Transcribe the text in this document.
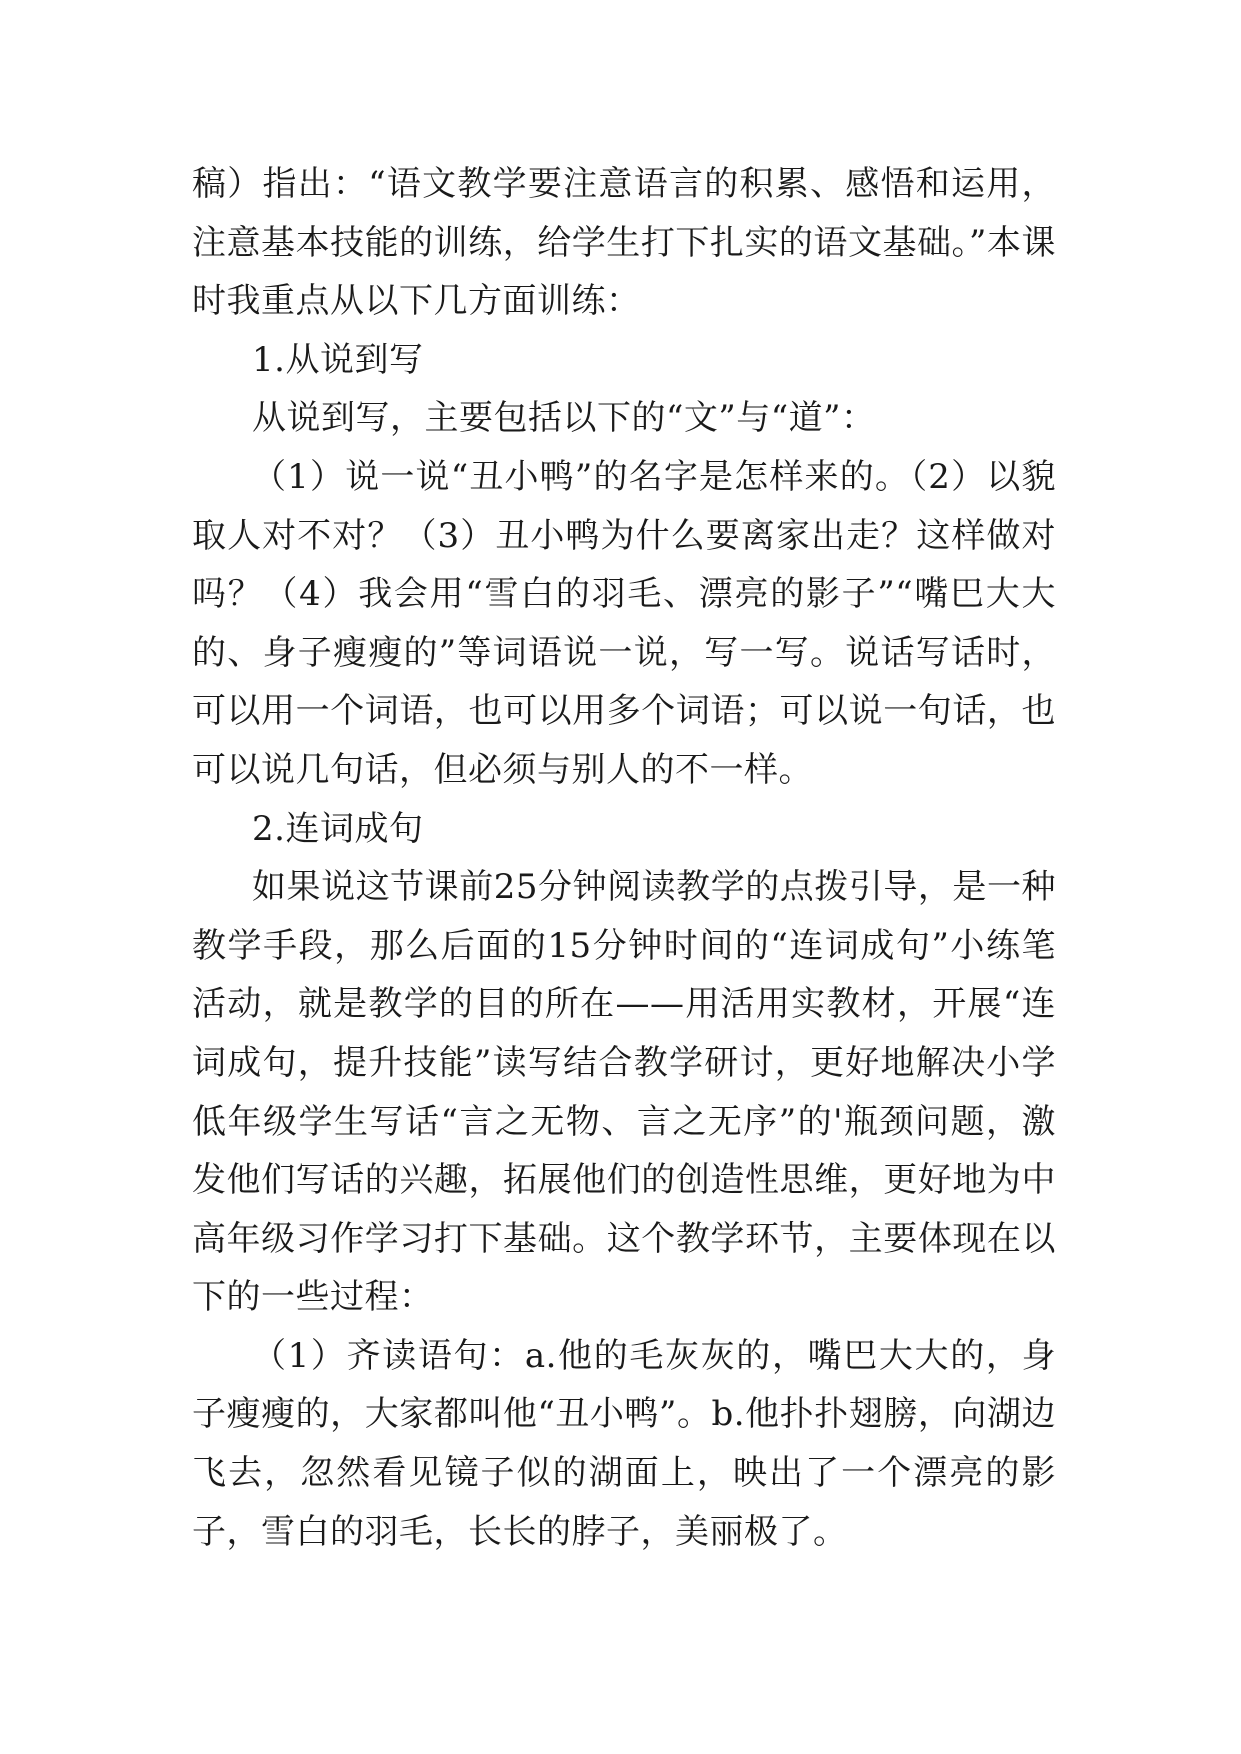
稿）指出：“语文教学要注意语言的积累、感悟和运用，注意基本技能的训练，给学生打下扎实的语文基础。”本课时我重点从以下几方面训练：

1.从说到写

从说到写，主要包括以下的“文”与“道”：

（1）说一说“丑小鸭”的名字是怎样来的。（2）以貌取人对不对？（3）丑小鸭为什么要离家出走？这样做对吗？（4）我会用“雪白的羽毛、漂亮的影子”“嘴巴大大的、身子瘦瘦的”等词语说一说，写一写。说话写话时，可以用一个词语，也可以用多个词语；可以说一句话，也可以说几句话，但必须与别人的不一样。

2.连词成句

如果说这节课前25分钟阅读教学的点拨引导，是一种教学手段，那么后面的15分钟时间的“连词成句”小练笔活动，就是教学的目的所在——用活用实教材，开展“连词成句，提升技能”读写结合教学研讨，更好地解决小学低年级学生写话“言之无物、言之无序”的'瓶颈问题，激发他们写话的兴趣，拓展他们的创造性思维，更好地为中高年级习作学习打下基础。这个教学环节，主要体现在以下的一些过程：

（1）齐读语句：a.他的毛灰灰的，嘴巴大大的，身子瘦瘦的，大家都叫他“丑小鸭”。b.他扑扑翅膀，向湖边飞去，忽然看见镜子似的湖面上，映出了一个漂亮的影子，雪白的羽毛，长长的脖子，美丽极了。
